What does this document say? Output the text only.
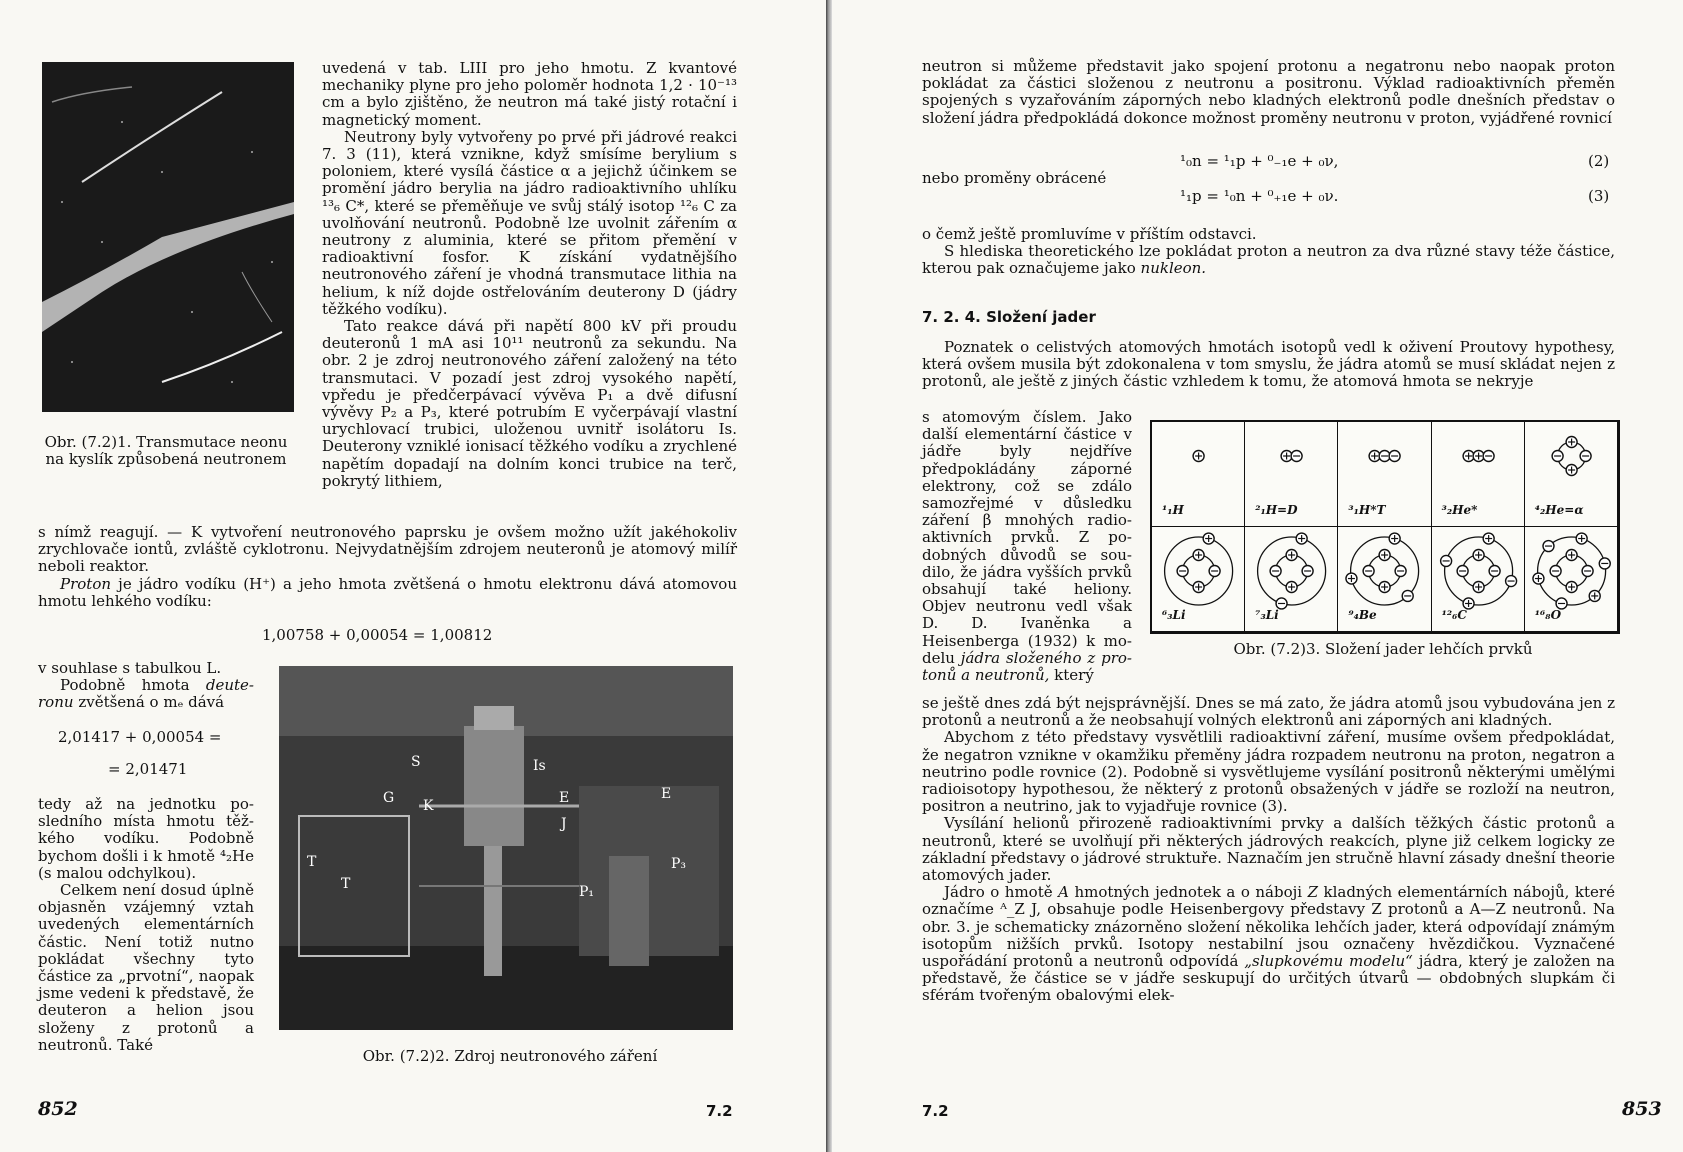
Obr. (7.2)1. Transmutace neonu na kyslík způsobená neutronem

uvedená v tab. LIII pro jeho hmotu. Z kvantové mechaniky plyne pro jeho poloměr hodnota 1,2 · 10⁻¹³ cm a bylo zjištěno, že neutron má také jistý rotační i magnetický moment.

Neutrony byly vytvořeny po prvé při jádrové reakci 7. 3 (11), která vznikne, když smísíme berylium s poloniem, které vysílá částice α a jejichž účinkem se promění jádro berylia na jádro radioaktivního uhlíku ¹³₆ C*, které se přeměňuje ve svůj stálý isotop ¹²₆ C za uvolňování neutronů. Podobně lze uvolnit zářením α neutrony z aluminia, které se přitom přemění v radioaktivní fosfor. K získání vydatnějšího neutronového záření je vhodná transmutace lithia na helium, k níž dojde ostřelováním deuterony D (jádry těžkého vodíku).

Tato reakce dává při napětí 800 kV při proudu deuteronů 1 mA asi 10¹¹ neutronů za sekundu. Na obr. 2 je zdroj neutronového záření založený na této transmutaci. V pozadí jest zdroj vysokého napětí, vpředu je předčerpávací vývěva P₁ a dvě difusní vývěvy P₂ a P₃, které potrubím E vyčerpávají vlastní urychlovací trubici, uloženou uvnitř isolátoru Is. Deuterony vzniklé ionisací těžkého vodíku a zrychlené napětím dopadají na dolním konci trubice na terč, pokrytý lithiem,

s nímž reagují. — K vytvoření neutronového paprsku je ovšem možno užít jakéhokoliv zrychlovače iontů, zvláště cyklotronu. Nejvydatnějším zdrojem neuteronů je atomový milíř neboli reaktor.

Proton je jádro vodíku (H⁺) a jeho hmota zvětšená o hmotu elektronu dává atomovou hmotu lehkého vodíku:

1,00758 + 0,00054 = 1,00812

v souhlase s tabulkou L.

Podobně hmota deuteronu zvětšená o mₑ dává

2,01417 + 0,00054 =
= 2,01471

tedy až na jednotku posledního místa hmotu těžkého vodíku. Podobně bychom došli i k hmotě ⁴₂He (s malou odchylkou).

Celkem není dosud úplně objasněn vzájemný vztah uvedených elementárních částic. Není totiž nutno pokládat všechny tyto částice za „prvotní“, naopak jsme vedeni k představě, že deuteron a helion jsou složeny z protonů a neutronů. Také

S	Is
G K
J
E	E
T
T	P₁
P₃

Obr. (7.2)2. Zdroj neutronového záření

852	7.2

neutron si můžeme představit jako spojení protonu a negatronu nebo naopak proton pokládat za částici složenou z neutronu a positronu. Výklad radioaktivních přeměn spojených s vyzařováním záporných nebo kladných elektronů podle dnešních představ o složení jádra předpokládá dokonce možnost proměny neutronu v proton, vyjádřené rovnicí

¹₀n = ¹₁p + ⁰₋₁e + ₀ν,	(2)
nebo proměny obrácené
¹₁p = ¹₀n + ⁰₊₁e + ₀ν.	(3)

o čemž ještě promluvíme v příštím odstavci.

S hlediska theoretického lze pokládat proton a neutron za dva různé stavy téže částice, kterou pak označujeme jako nukleon.

7. 2. 4. Složení jader

Poznatek o celistvých atomových hmotách isotopů vedl k oživení Proutovy hypothesy, která ovšem musila být zdokonalena v tom smyslu, že jádra atomů se musí skládat nejen z protonů, ale ještě z jiných částic vzhledem k tomu, že atomová hmota se nekryje

s atomovým číslem. Jako další elementární částice v jádře byly nejdříve předpokládány záporné elektrony, což se zdálo samozřejmé v důsledku záření β mnohých radioaktivních prvků. Z podobných důvodů se soudilo, že jádra vyšších prvků obsahují také heliony. Objev neutronu vedl však D. D. Ivaněnka a Heisenberga (1932) k modelu jádra složeného z protonů a neutronů, který

¹₁H	²₁H=D	³₁H*T	³₂He*	⁴₂He=α
⁶₃Li	⁷₃Li	⁹₄Be	¹²₆C	¹⁶₈O

Obr. (7.2)3. Složení jader lehčích prvků

se ještě dnes zdá být nejsprávnější. Dnes se má zato, že jádra atomů jsou vybudována jen z protonů a neutronů a že neobsahují volných elektronů ani záporných ani kladných.

Abychom z této představy vysvětlili radioaktivní záření, musíme ovšem předpokládat, že negatron vznikne v okamžiku přeměny jádra rozpadem neutronu na proton, negatron a neutrino podle rovnice (2). Podobně si vysvětlujeme vysílání positronů některými umělými radioisotopy hypothesou, že některý z protonů obsažených v jádře se rozloží na neutron, positron a neutrino, jak to vyjadřuje rovnice (3).

Vysílání helionů přirozeně radioaktivními prvky a dalších těžkých částic protonů a neutronů, které se uvolňují při některých jádrových reakcích, plyne již celkem logicky ze základní představy o jádrové struktuře. Naznačím jen stručně hlavní zásady dnešní theorie atomových jader.

Jádro o hmotě A hmotných jednotek a o náboji Z kladných elementárních nábojů, které označíme ᴬ_Z J, obsahuje podle Heisenbergovy představy Z protonů a A—Z neutronů. Na obr. 3. je schematicky znázorněno složení několika lehčích jader, která odpovídají známým isotopům nižších prvků. Isotopy nestabilní jsou označeny hvězdičkou. Vyznačené uspořádání protonů a neutronů odpovídá „slupkovému modelu“ jádra, který je založen na představě, že částice se v jádře seskupují do určitých útvarů — obdobných slupkám či sférám tvořeným obalovými elek-

7.2	853
